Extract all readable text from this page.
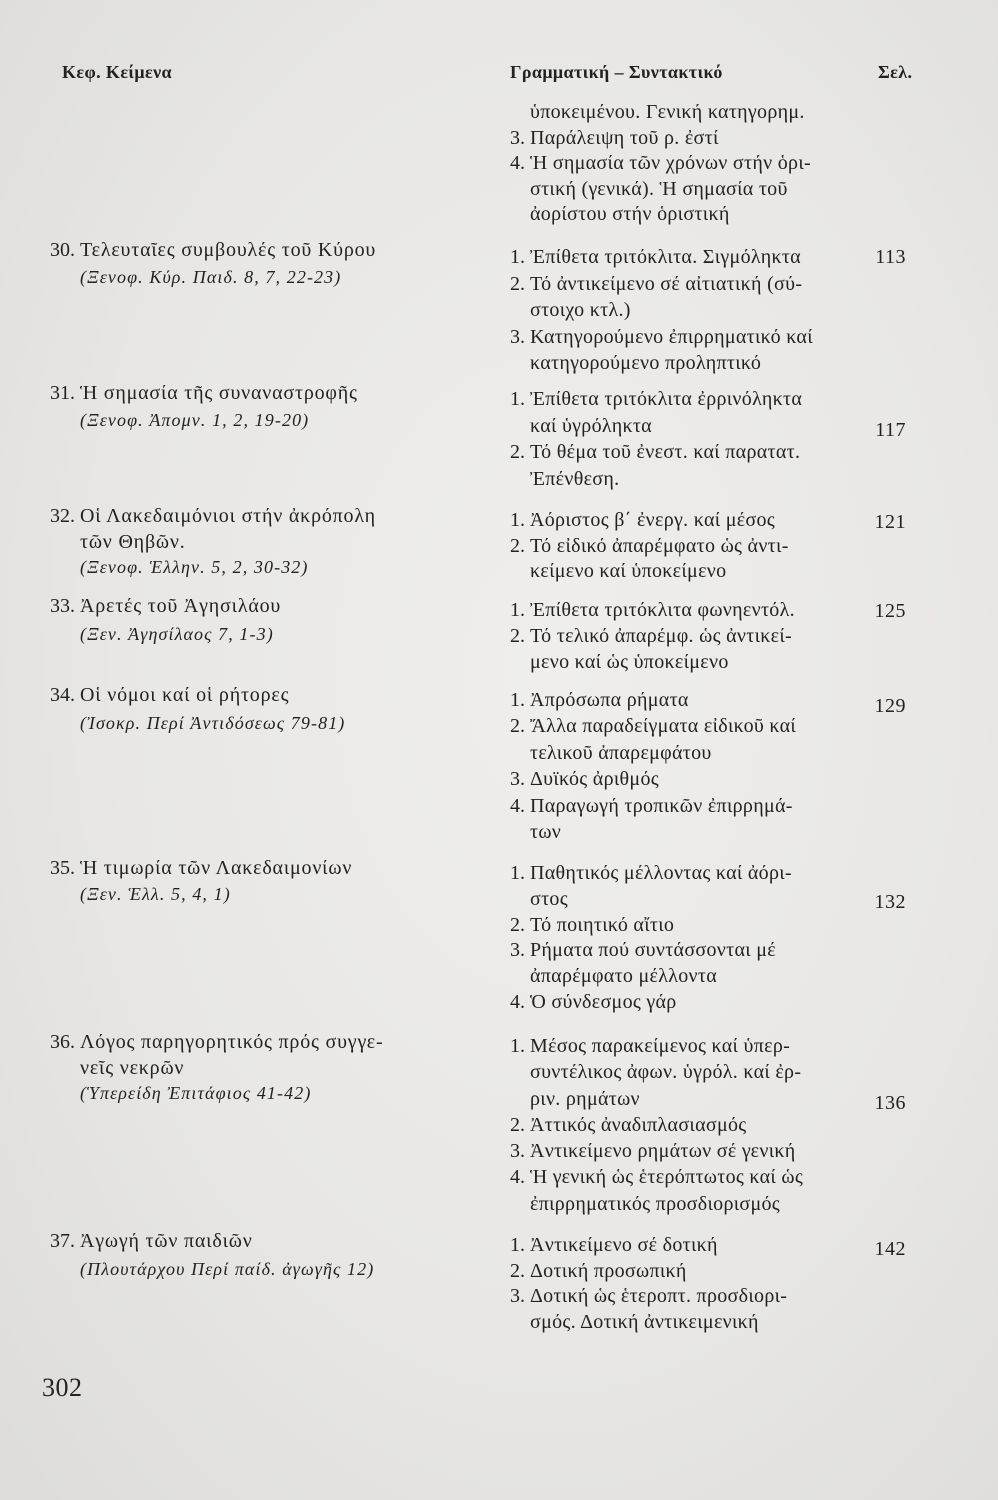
Κεφ. Κείμενα	Γραμματική – Συντακτικό	Σελ.
ὑποκειμένου. Γενική κατηγορημ.
3. Παράλειψη τοῦ ρ. ἐστί
4. Ἡ σημασία τῶν χρόνων στήν ὁρι-
στική (γενικά). Ἡ σημασία τοῦ
ἀορίστου στήν ὁριστική
30. Τελευταῖες συμβουλές τοῦ Κύρου
(Ξενοφ. Κύρ. Παιδ. 8, 7, 22-23)
1. Ἐπίθετα τριτόκλιτα. Σιγμόληκτα
2. Τό ἀντικείμενο σέ αἰτιατική (σύ-
στοιχο κτλ.)
3. Κατηγορούμενο ἐπιρρηματικό καί
κατηγορούμενο προληπτικό
113
31. Ἡ σημασία τῆς συναναστροφῆς
(Ξενοφ. Ἀπομν. 1, 2, 19-20)
1. Ἐπίθετα τριτόκλιτα ἐρρινόληκτα
καί ὑγρόληκτα
2. Τό θέμα τοῦ ἐνεστ. καί παρατατ.
Ἐπένθεση.
117
32. Οἱ Λακεδαιμόνιοι στήν ἀκρόπολη
τῶν Θηβῶν.
(Ξενοφ. Ἑλλην. 5, 2, 30-32)
1. Ἀόριστος β΄ ἐνεργ. καί μέσος
2. Τό εἰδικό ἀπαρέμφατο ὡς ἀντι-
κείμενο καί ὑποκείμενο
121
33. Ἀρετές τοῦ Ἀγησιλάου
(Ξεν. Ἀγησίλαος 7, 1-3)
1. Ἐπίθετα τριτόκλιτα φωνηεντόλ.
2. Τό τελικό ἀπαρέμφ. ὡς ἀντικεί-
μενο καί ὡς ὑποκείμενο
125
34. Οἱ νόμοι καί οἱ ρήτορες
(Ἰσοκρ. Περί Ἀντιδόσεως 79-81)
1. Ἀπρόσωπα ρήματα
2. Ἄλλα παραδείγματα εἰδικοῦ καί
τελικοῦ ἀπαρεμφάτου
3. Δυϊκός ἀριθμός
4. Παραγωγή τροπικῶν ἐπιρρημά-
των
129
35. Ἡ τιμωρία τῶν Λακεδαιμονίων
(Ξεν. Ἑλλ. 5, 4, 1)
1. Παθητικός μέλλοντας καί ἀόρι-
στος
2. Τό ποιητικό αἴτιο
3. Ρήματα πού συντάσσονται μέ
ἀπαρέμφατο μέλλοντα
4. Ὁ σύνδεσμος γάρ
132
36. Λόγος παρηγορητικός πρός συγγε-
νεῖς νεκρῶν
(Ὑπερείδη Ἐπιτάφιος 41-42)
1. Μέσος παρακείμενος καί ὑπερ-
συντέλικος ἀφων. ὑγρόλ. καί ἐρ-
ριν. ρημάτων
2. Ἀττικός ἀναδιπλασιασμός
3. Ἀντικείμενο ρημάτων σέ γενική
4. Ἡ γενική ὡς ἑτερόπτωτος καί ὡς
ἐπιρρηματικός προσδιορισμός
136
37. Ἀγωγή τῶν παιδιῶν
(Πλουτάρχου Περί παίδ. ἀγωγῆς 12)
1. Ἀντικείμενο σέ δοτική
2. Δοτική προσωπική
3. Δοτική ὡς ἑτεροπτ. προσδιορι-
σμός. Δοτική ἀντικειμενική
142
302
